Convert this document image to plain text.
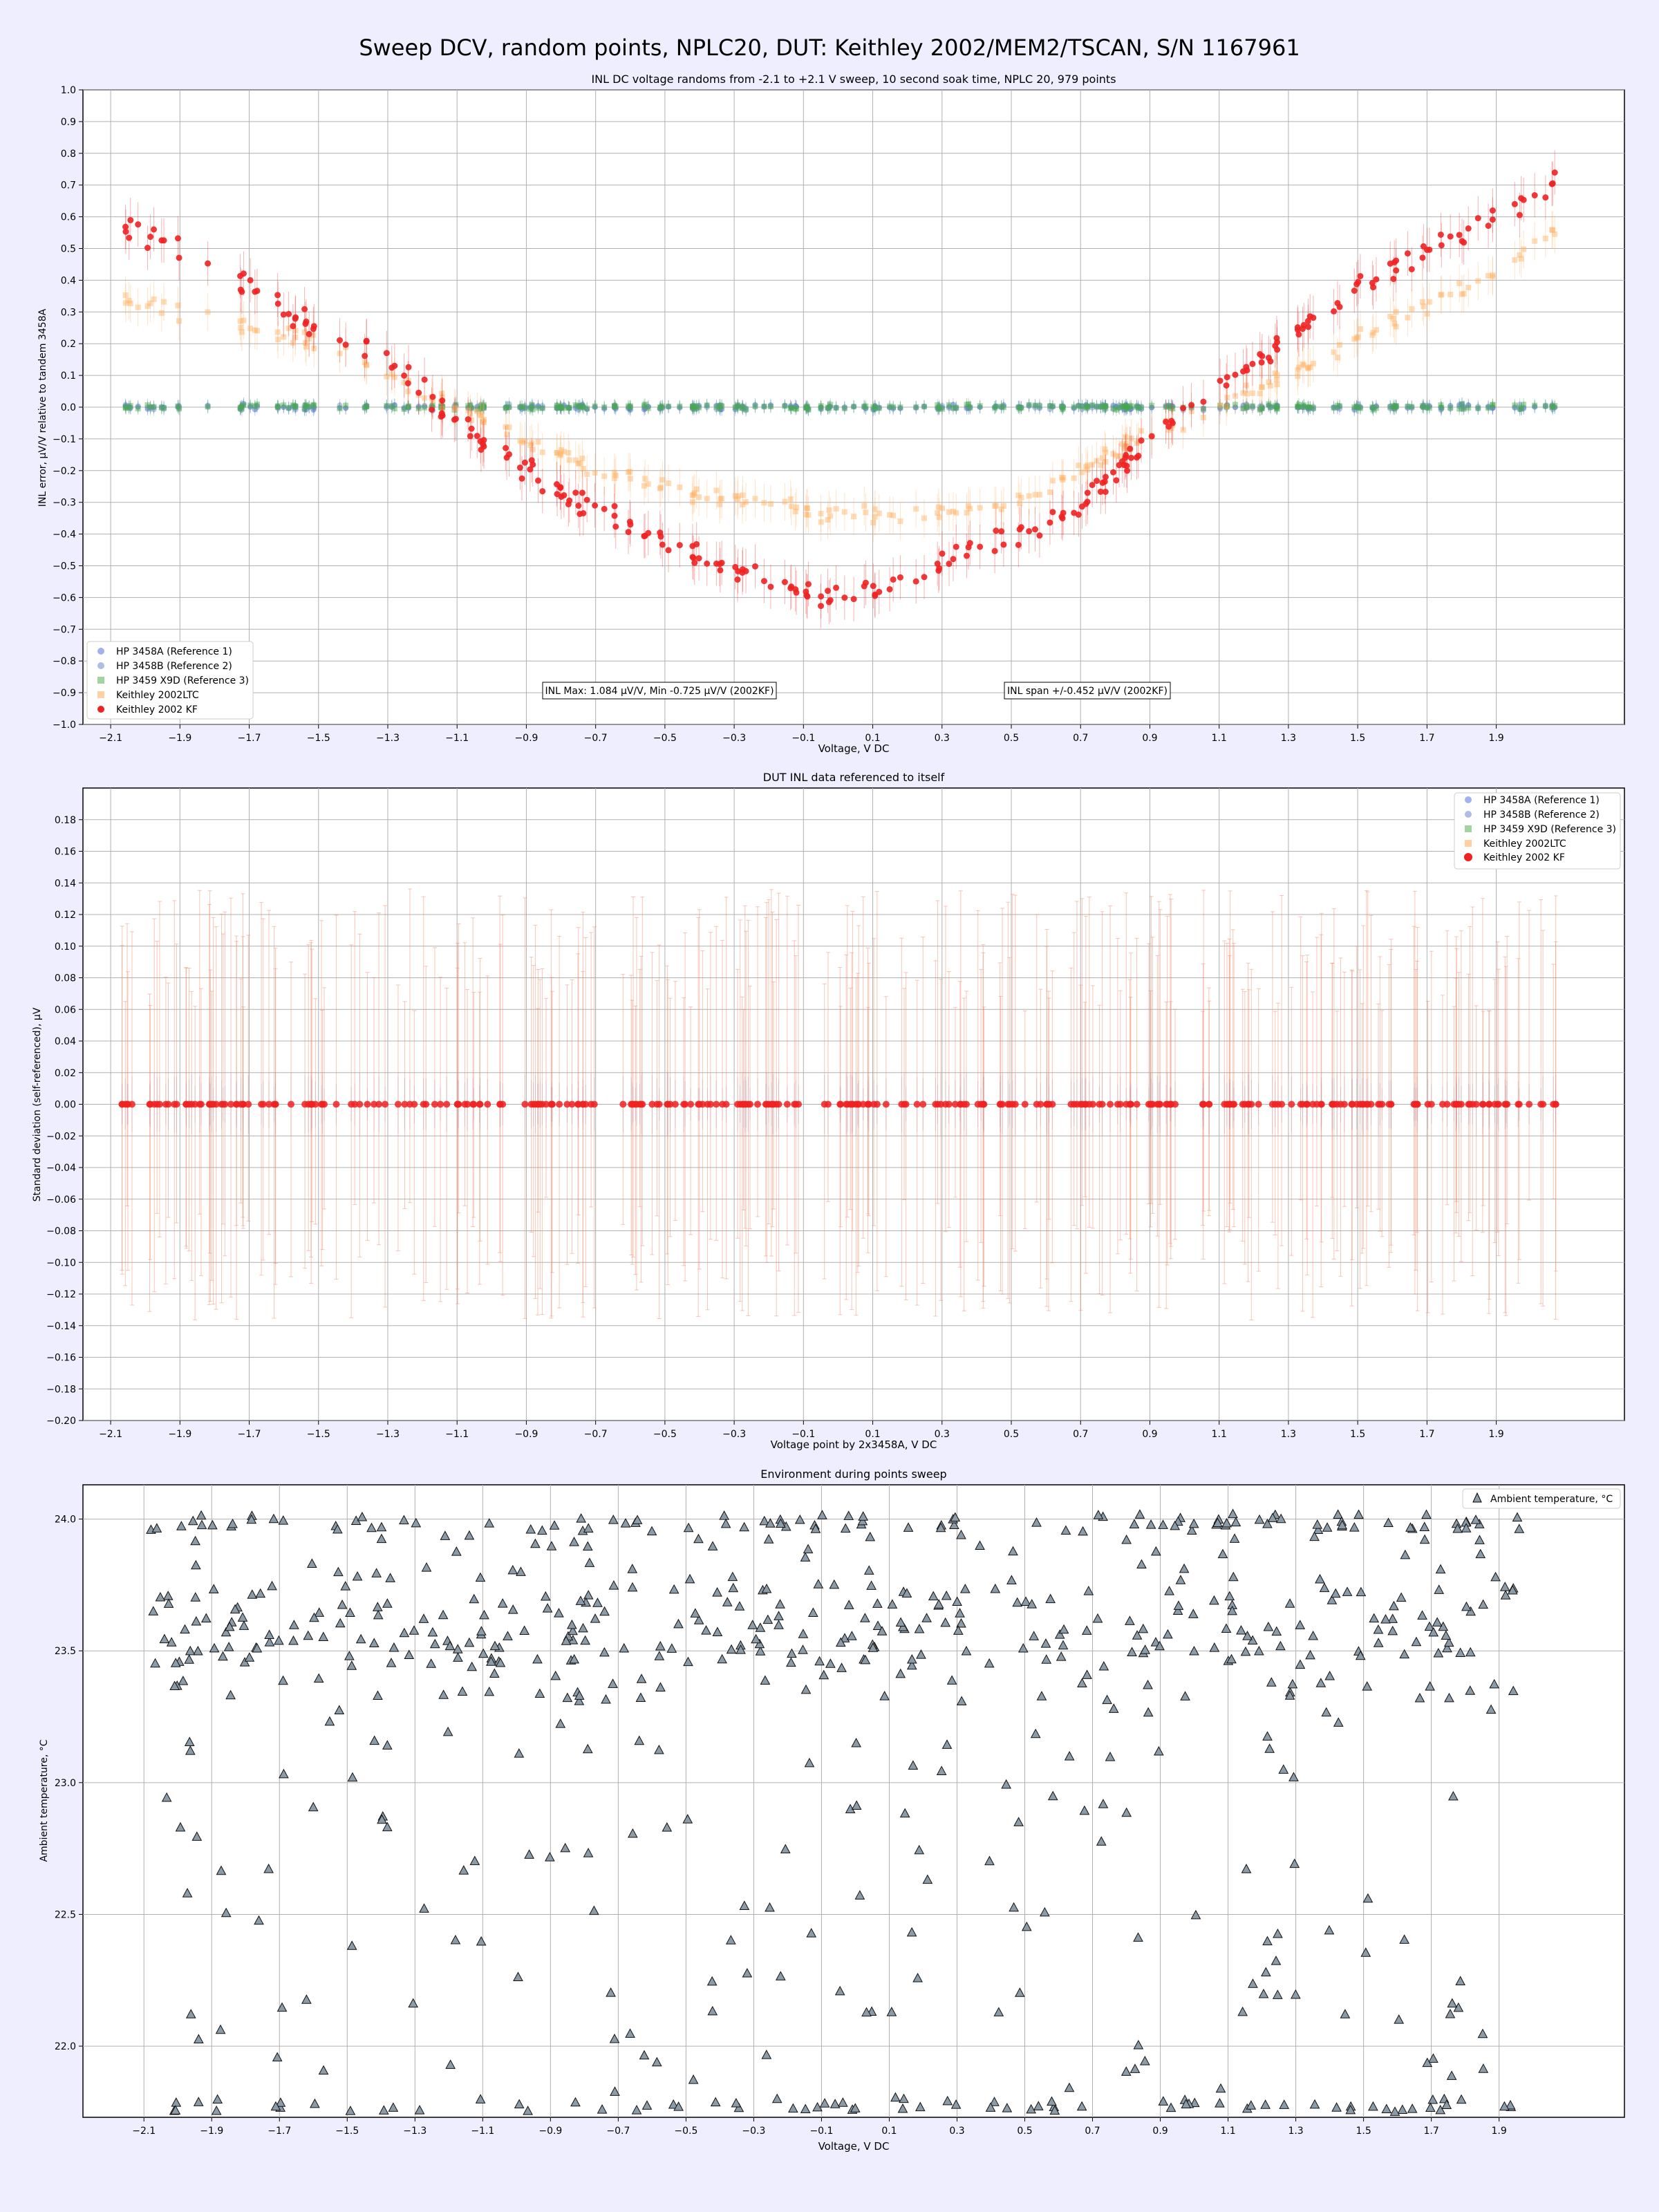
Sweep DCV, random points, NPLC20, DUT: Keithley 2002/MEM2/TSCAN, S/N 1167961
−2.1	−1.9	−1.7	−1.5	−1.3	−1.1	−0.9	−0.7	−0.5	−0.3	−0.1	0.1	0.3	0.5	0.7	0.9	1.1	1.3	1.5	1.7	1.9
1.0
0.9
0.8
0.7
0.6
0.5
0.4
0.3
0.2
0.1
0.0
−0.1
−0.2
−0.3
−0.4
−0.5
−0.6
−0.7
−0.8
−0.9
−1.0
INL DC voltage randoms from -2.1 to +2.1 V sweep, 10 second soak time, NPLC 20, 979 points
Voltage, V DC
INL error, µV/V relative to tandem 3458A
INL Max: 1.084 µV/V, Min -0.725 µV/V (2002KF)	INL span +/-0.452 µV/V (2002KF)
HP 3458A (Reference 1)
HP 3458B (Reference 2)
HP 3459 X9D (Reference 3)
Keithley 2002LTC
Keithley 2002 KF
−2.1	−1.9	−1.7	−1.5	−1.3	−1.1	−0.9	−0.7	−0.5	−0.3	−0.1	0.1	0.3	0.5	0.7	0.9	1.1	1.3	1.5	1.7	1.9
0.18
0.16
0.14
0.12
0.10
0.08
0.06
0.04
0.02
0.00
−0.02
−0.04
−0.06
−0.08
−0.10
−0.12
−0.14
−0.16
−0.18
−0.20
DUT INL data referenced to itself
Voltage point by 2x3458A, V DC
Standard deviation (self-referenced), µV
HP 3458A (Reference 1)
HP 3458B (Reference 2)
HP 3459 X9D (Reference 3)
Keithley 2002LTC
Keithley 2002 KF
−2.1	−1.9	−1.7	−1.5	−1.3	−1.1	−0.9	−0.7	−0.5	−0.3	−0.1	0.1	0.3	0.5	0.7	0.9	1.1	1.3	1.5	1.7	1.9
24.0
23.5
23.0
22.5
22.0
Environment during points sweep
Voltage, V DC
Ambient temperature, °C
Ambient temperature, °C
